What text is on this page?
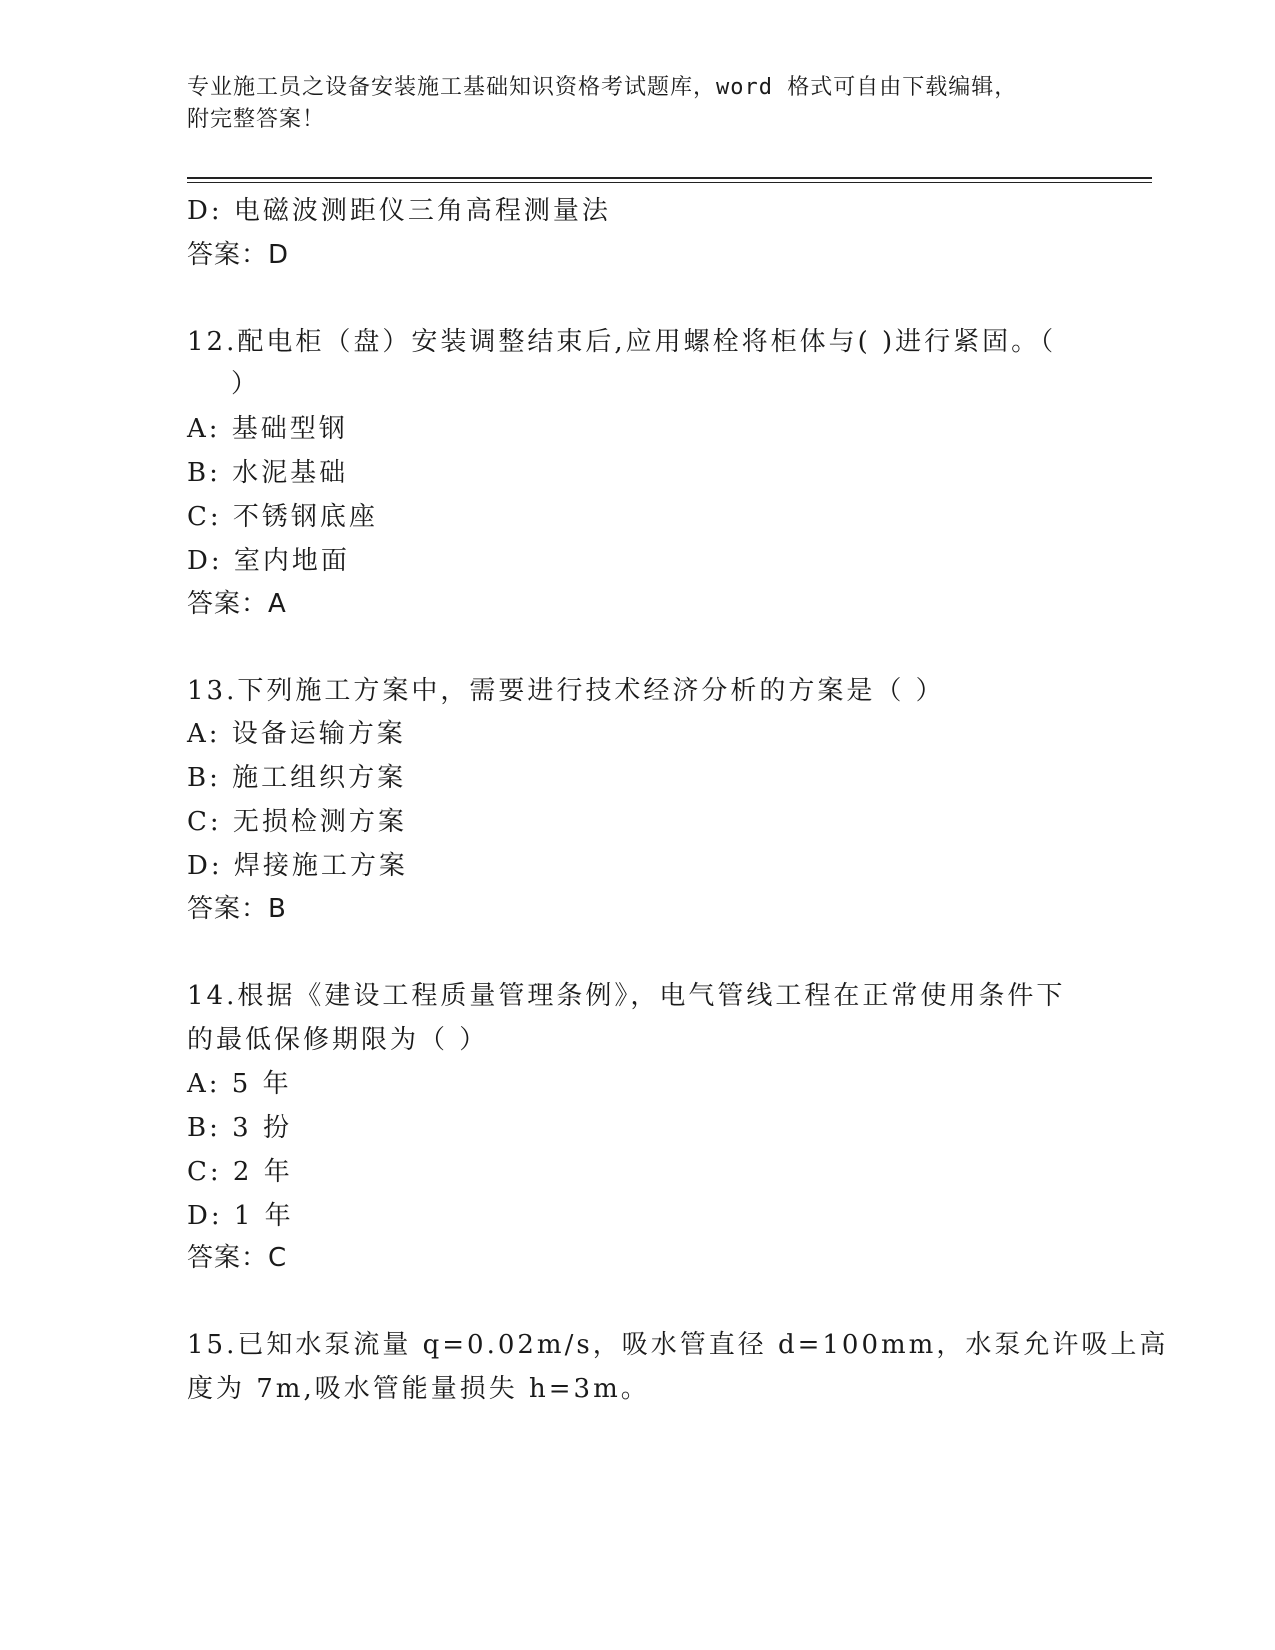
专业施工员之设备安装施工基础知识资格考试题库，word 格式可自由下载编辑，
附完整答案！
D: 电磁波测距仪三角高程测量法
答案：D
12.配电柜（盘）安装调整结束后,应用螺栓将柜体与( )进行紧固。（
）
A: 基础型钢
B: 水泥基础
C: 不锈钢底座
D: 室内地面
答案：A
13.下列施工方案中，需要进行技术经济分析的方案是（ ）
A: 设备运输方案
B: 施工组织方案
C: 无损检测方案
D: 焊接施工方案
答案：B
14.根据《建设工程质量管理条例》，电气管线工程在正常使用条件下
的最低保修期限为（ ）
A: 5 年
B: 3 扮
C: 2 年
D: 1 年
答案：C
15.已知水泵流量 q=0.02m/s，吸水管直径 d=100mm，水泵允许吸上高
度为 7m,吸水管能量损失 h=3m。
